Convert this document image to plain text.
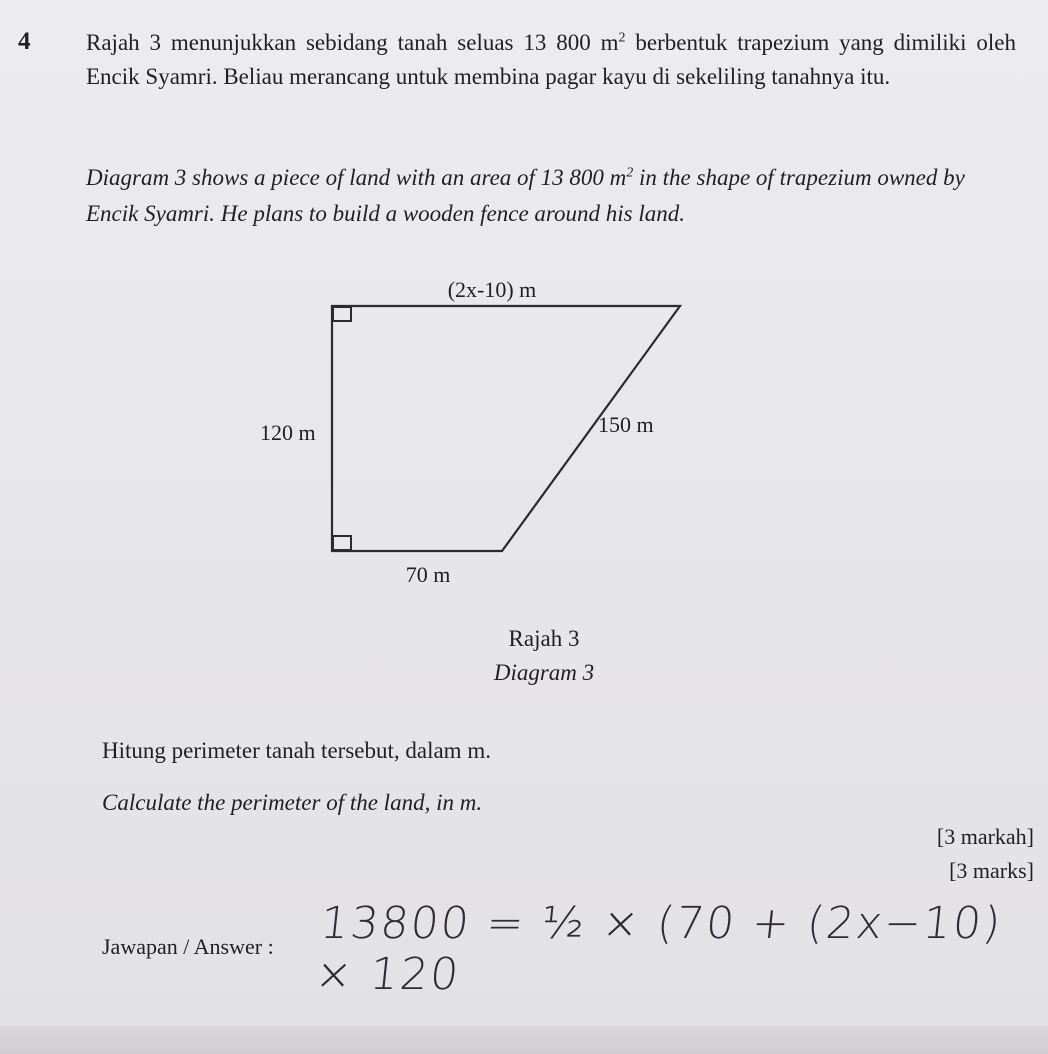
4 Rajah 3 menunjukkan sebidang tanah seluas 13 800 $m^2$ berbentuk trapezium yang dimiliki oleh Encik Syamri. Beliau merancang untuk membina pagar kayu di sekeliling tanahnya itu.
Diagram 3 shows a piece of land with an area of 13 800 $m^2$ in the shape of trapezium owned by Encik Syamri. He plans to build a wooden fence around his land.
(2x-10) m
120 m	150 m
70 m
Rajah 3
Diagram 3
Hitung perimeter tanah tersebut, dalam m.
Calculate the perimeter of the land, in m.
[3 markah]
[3 marks]
Jawapan / Answer : 13800 = ½ × (70 + (2x−10) × 120
